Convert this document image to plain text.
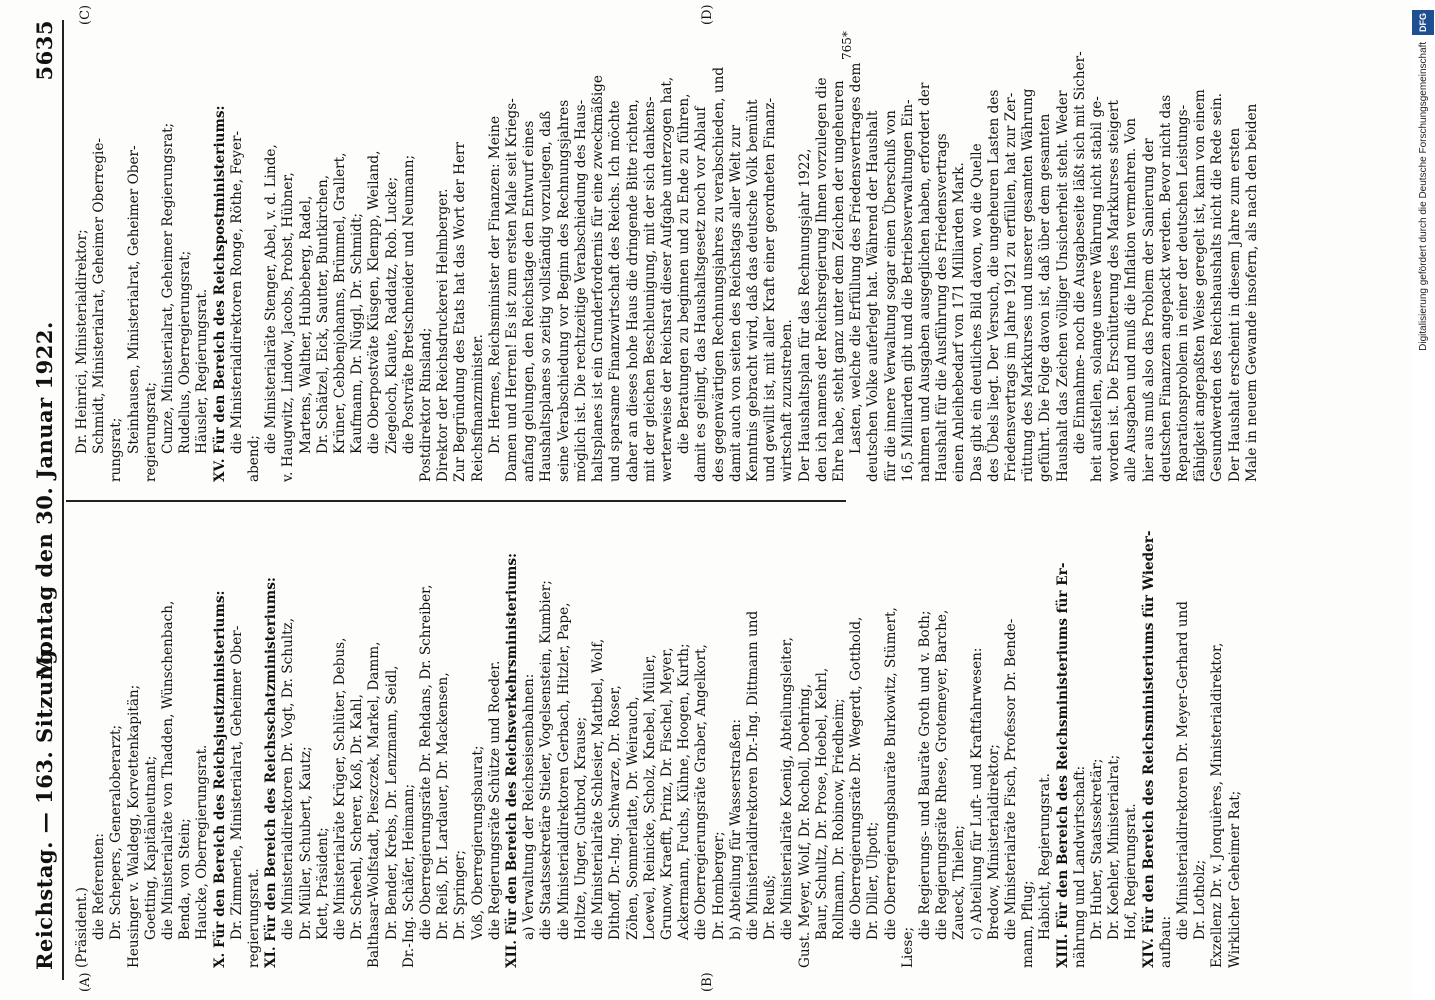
Reichstag. — 163. Sitzung.
Montag den 30. Januar 1922.
5635
(A)	(B)
(C)	(D)
(Präsident.) die Referenten: Dr. Schepers, Generaloberarzt; Heusinger v. Waldegg, Korvettenkapitän; Goetting, Kapitänleutnant; die Ministerialräte von Thadden, Wünschenbach, Benda, von Stein; Haucke, Oberregierungsrat. X. Für den Bereich des Reichsjustizministeriums: Dr. Zimmerle, Ministerialrat, Geheimer Ober- regierungsrat. XI. Für den Bereich des Reichsschatzministeriums: die Ministerialdirektoren Dr. Vogt, Dr. Schultz, Dr. Müller, Schubert, Kautz; Klett, Präsident; die Ministerialräte Krüger, Schlüter, Debus, Dr. Scheehl, Scherer, Koß, Dr. Kahl, Balthasar-Wolfstadt, Pieszczek, Markel, Damm, Dr. Bender, Krebs, Dr. Lenzmann, Seidl, Dr.-Ing. Schäfer, Heimann; die Oberregierungsräte Dr. Rehdans, Dr. Schreiber, Dr. Reiß, Dr. Lardauer, Dr. Mackensen, Dr. Springer; Voß, Oberregierungsbaurat; die Regierungsräte Schütze und Roeder. XII. Für den Bereich des Reichsverkehrsministeriums: a) Verwaltung der Reichseisenbahnen: die Staatssekretäre Stieler, Vogelsenstein, Kumbier; die Ministerialdirektoren Gerbach, Hitzler, Pape, Holtze, Unger, Gutbrod, Krause; die Ministerialräte Schlesier, Mattbel, Wolf, Dithoff, Dr.-Ing. Schwarze, Dr. Roser, Zöhen, Sommerlatte, Dr. Weirauch, Loewel, Reinicke, Scholz, Knebel, Müller, Grunow, Kraefft, Prinz, Dr. Fischel, Meyer, Ackermann, Fuchs, Kühne, Hoogen, Kurth; die Oberregierungsräte Graber, Angelkort, Dr. Homberger; b) Abteilung für Wasserstraßen: die Ministerialdirektoren Dr.-Ing. Dittmann und Dr. Reuß; die Ministerialräte Koenig, Abteilungsleiter, Gust. Meyer, Wolf, Dr. Rocholl, Doehring, Baur, Schultz, Dr. Prose, Hoebel, Kehrl, Rollmann, Dr. Robinow, Friedheim; die Oberregierungsräte Dr. Wegerdt, Gotthold, Dr. Diller, Ulpott; die Oberregierungsbauräte Burkowitz, Stümert,
Liese;
die Regierungs- und Bauräte Groth und v. Both; die Regierungsräte Rhese, Grotemeyer, Barche, Zaueck, Thielen; c) Abteilung für Luft- und Kraftfahrwesen: Bredow, Ministerialdirektor; die Ministerialräte Fisch, Professor Dr. Bende- mann, Pflug; Habicht, Regierungsrat. XIII. Für den Bereich des Reichsministeriums für Er- nährung und Landwirtschaft: Dr. Huber, Staatssekretär; Dr. Koehler, Ministerialrat; Hof, Regierungsrat. XIV. Für den Bereich des Reichsministeriums für Wieder- aufbau:
die Ministerialdirektoren Dr. Meyer-Gerhard und Dr. Lotholz; Exzellenz Dr. v. Jonquières, Ministerialdirektor, Wirklicher Geheimer Rat;
Dr. Heinrici, Ministerialdirektor; Schmidt, Ministerialrat, Geheimer Oberregie- rungsrat; Steinhausen, Ministerialrat, Geheimer Ober- regierungsrat; Cunze, Ministerialrat, Geheimer Regierungsrat; Rudellus, Oberregierungsrat; Häusler, Regierungsrat. XV. Für den Bereich des Reichspostministeriums: die Ministerialdirektoren Ronge, Röthe, Feyer-
abend;
die Ministerialräte Stenger, Abel, v. d. Linde, v. Haugwitz, Lindow, Jacobs, Probst, Hübner, Martens, Walther, Hubbeberg, Radel, Dr. Schätzel, Eick, Sautter, Buntkirchen, Krüner, Cebbenjohanns, Brümmel, Grallert, Kaufmann, Dr. Nüggl, Dr. Schmidt; die Oberpostväte Küsgen, Klempp, Weiland, Ziegeloch, Klaute, Raddatz, Rob. Lucke; die Postvräte Bretschneider und Neumann; Postdirektor Rinsland; Direktor der Reichsdruckerei Helmberger. Zur Begründung des Etats hat das Wort der Herr Reichsfinanzminister. Dr. Hermes, Reichsminister der Finanzen: Meine Damen und Herren! Es ist zum ersten Male seit Kriegs- anfang gelungen, den Reichstage den Entwurf eines Haushaltsplanes so zeitig vollständig vorzulegen, daß seine Verabschiedung vor Beginn des Rechnungsjahres möglich ist. Die rechtzeitige Verabschiedung des Haus- haltsplanes ist ein Grunderfordernis für eine zweckmäßige und sparsame Finanzwirtschaft des Reichs. Ich möchte daher an dieses hohe Haus die dringende Bitte richten, mit der gleichen Beschleunigung, mit der sich dankens- werterweise der Reichsrat dieser Aufgabe unterzogen hat, die Beratungen zu beginnen und zu Ende zu führen, damit es gelingt, das Haushaltsgesetz noch vor Ablauf des gegenwärtigen Rechnungsjahres zu verabschieden, und damit auch von seiten des Reichstags aller Welt zur Kenntnis gebracht wird, daß das deutsche Volk bemüht und gewillt ist, mit aller Kraft einer geordneten Finanz- wirtschaft zuzustreben. Der Haushaltsplan für das Rechnungsjahr 1922, den ich namens der Reichsregierung Ihnen vorzulegen die Ehre habe, steht ganz unter dem Zeichen der ungeheuren Lasten, welche die Erfüllung des Friedensvertrages dem deutschen Volke auferlegt hat. Während der Haushalt für die innere Verwaltung sogar einen Überschuß von 16,5 Milliarden gibt und die Betriebsverwaltungen Ein- nahmen und Ausgaben ausgeglichen haben, erfordert der Haushalt für die Ausführung des Friedensvertrags einen Anleihebedarf von 171 Milliarden Mark. Das gibt ein deutliches Bild davon, wo die Quelle des Übels liegt. Der Versuch, die ungeheuren Lasten des Friedensvertrags im Jahre 1921 zu erfüllen, hat zur Zer- rüttung des Markkurses und unserer gesamten Währung geführt. Die Folge davon ist, daß über dem gesamten Haushalt das Zeichen völliger Unsicherheit steht. Weder die Einnahme- noch die Ausgabeseite läßt sich mit Sicher- heit aufstellen, solange unsere Währung nicht stabil ge- worden ist. Die Erschütterung des Markkurses steigert alle Ausgaben und muß die Inflation vermehren. Von hier aus muß also das Problem der Sanierung der deutschen Finanzen angepackt werden. Bevor nicht das Reparationsproblem in einer der deutschen Leistungs- fähigkeit angepaßten Weise geregelt ist, kann von einem Gesundwerden des Reichshaushalts nicht die Rede sein. Der Haushalt erscheint in diesem Jahre zum ersten Male in neuem Gewande insofern, als nach den beiden
765*	Digitalisierung gefördert durch die Deutsche Forschungsgemeinschaft DFG
